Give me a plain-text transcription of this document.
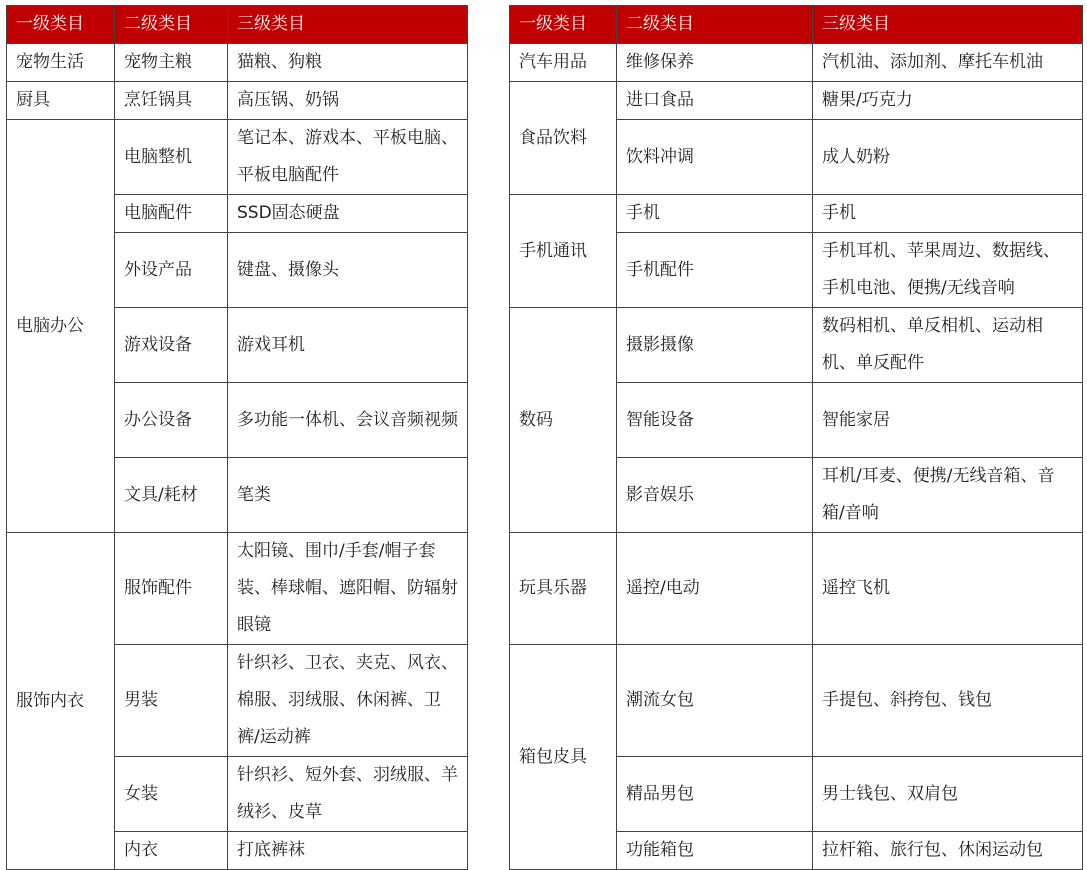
一级类目	二级类目	三级类目
宠物生活	宠物主粮	猫粮、狗粮
厨具	烹饪锅具	高压锅、奶锅
电脑办公	电脑整机	笔记本、游戏本、平板电脑、平板电脑配件
	电脑配件	SSD固态硬盘
	外设产品	键盘、摄像头
	游戏设备	游戏耳机
	办公设备	多功能一体机、会议音频视频
	文具/耗材	笔类
服饰内衣	服饰配件	太阳镜、围巾/手套/帽子套装、棒球帽、遮阳帽、防辐射眼镜
	男装	针织衫、卫衣、夹克、风衣、棉服、羽绒服、休闲裤、卫裤/运动裤
	女装	针织衫、短外套、羽绒服、羊绒衫、皮草
	内衣	打底裤袜
一级类目	二级类目	三级类目
汽车用品	维修保养	汽机油、添加剂、摩托车机油
食品饮料	进口食品	糖果/巧克力
	饮料冲调	成人奶粉
手机通讯	手机	手机
	手机配件	手机耳机、苹果周边、数据线、手机电池、便携/无线音响
数码	摄影摄像	数码相机、单反相机、运动相机、单反配件
	智能设备	智能家居
	影音娱乐	耳机/耳麦、便携/无线音箱、音箱/音响
玩具乐器	遥控/电动	遥控飞机
箱包皮具	潮流女包	手提包、斜挎包、钱包
	精品男包	男士钱包、双肩包
	功能箱包	拉杆箱、旅行包、休闲运动包
